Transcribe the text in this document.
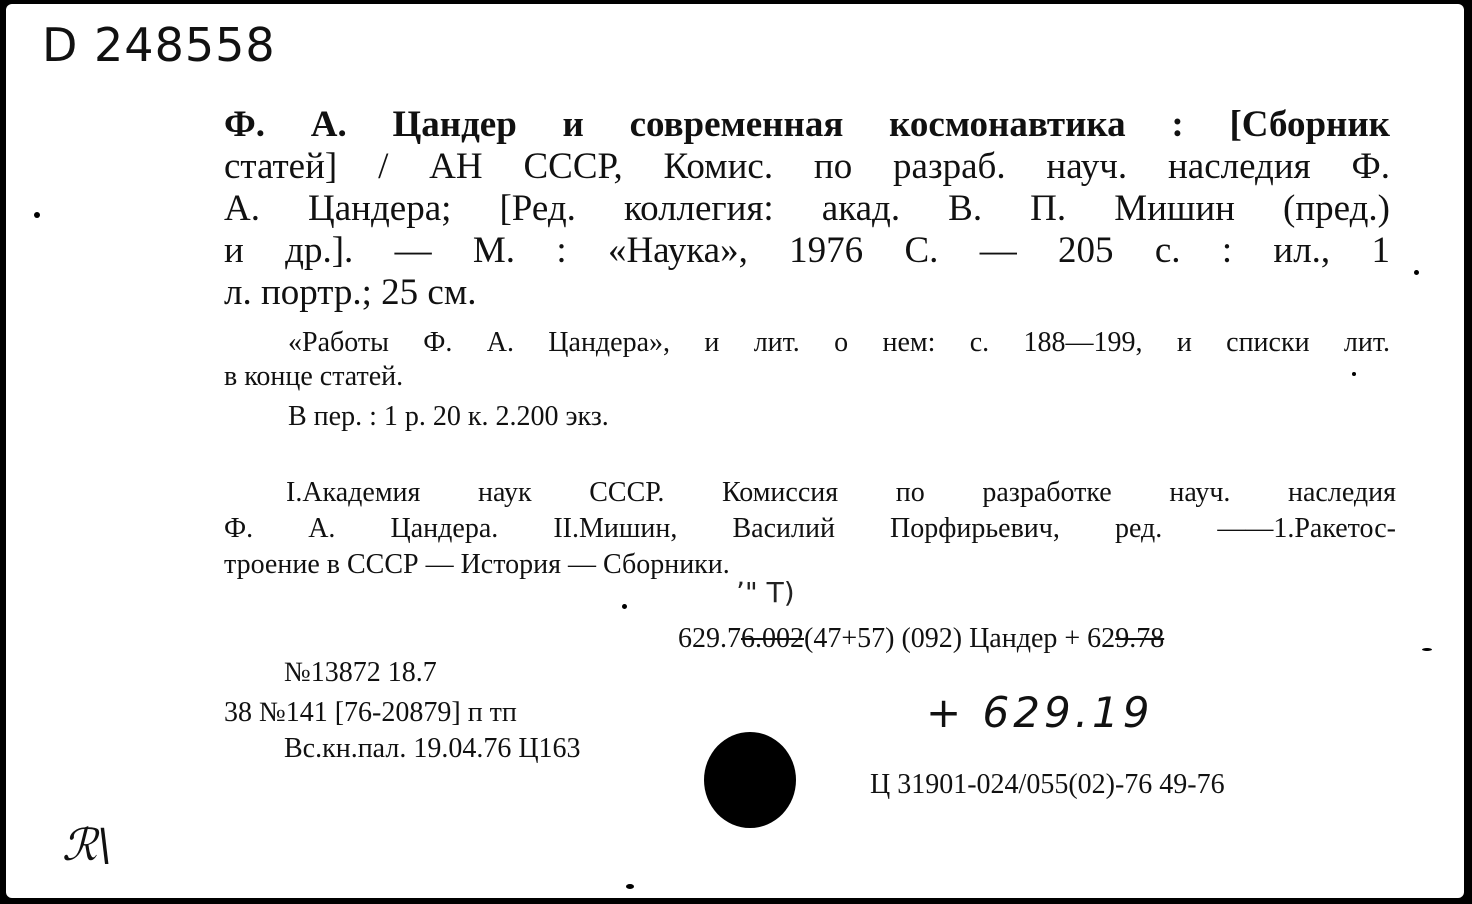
D 248558
Ф. А. Цандер и современная космонавтика : [Сборник
статей] / АН СССР, Комис. по разраб. науч. наследия Ф.
А. Цандера; [Ред. коллегия: акад. В. П. Мишин (пред.)
и др.]. — М. : «Наука», 1976 С. — 205 с. : ил., 1
л. портр.; 25 см.
«Работы Ф. А. Цандера», и лит. о нем: с. 188—199, и списки лит.
в конце статей.
В пер. : 1 р. 20 к. 2.200 экз.
I.Академия наук СССР. Комиссия по разработке науч. наследия
Ф. А. Цандера. II.Мишин, Василий Порфирьевич, ред. ——1.Ракетос-
троение в СССР — История — Сборники.
ʼ" Т)
629.76.002(47+57) (092) Цандер + 629.78
№13872 18.7
38 №141 [76-20879] п тп
Вс.кн.пал. 19.04.76 Ц163
+ 629.19
Ц 31901-024/055(02)-76 49-76
ℛ\
